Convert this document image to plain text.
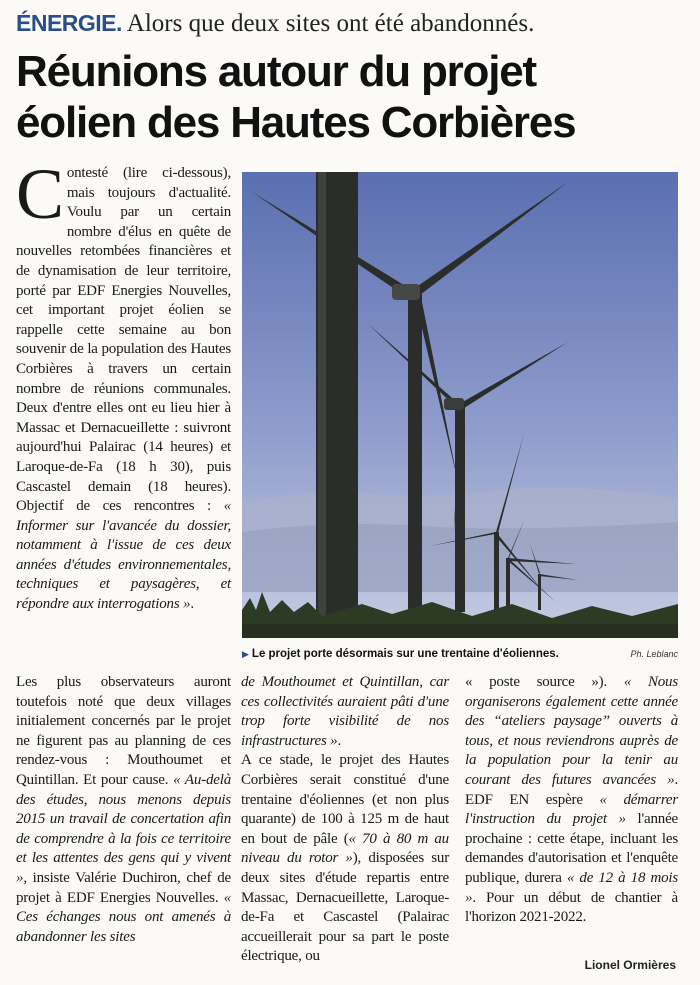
ÉNERGIE. Alors que deux sites ont été abandonnés.
Réunions autour du projet
éolien des Hautes Corbières
C ontesté (lire ci-dessous), mais toujours d'actualité. Voulu par un certain nombre d'élus en quête de nouvelles retombées financières et de dynamisation de leur territoire, porté par EDF Energies Nouvelles, cet important projet éolien se rappelle cette semaine au bon souvenir de la population des Hautes Corbières à travers un certain nombre de réunions communales. Deux d'entre elles ont eu lieu hier à Massac et Dernacueillette : suivront aujourd'hui Palairac (14 heures) et Laroque-de-Fa (18 h 30), puis Cascastel demain (18 heures). Objectif de ces rencontres : « Informer sur l'avancée du dossier, notamment à l'issue de ces deux années d'études environnementales, techniques et paysagères, et répondre aux interrogations ».
▶ Le projet porte désormais sur une trentaine d'éoliennes.	Ph. Leblanc
Les plus observateurs auront toutefois noté que deux villages initialement concernés par le projet ne figurent pas au planning de ces rendez-vous : Mouthoumet et Quintillan. Et pour cause. « Au-delà des études, nous menons depuis 2015 un travail de concertation afin de comprendre à la fois ce territoire et les attentes des gens qui y vivent », insiste Valérie Duchiron, chef de projet à EDF Energies Nouvelles. « Ces échanges nous ont amenés à abandonner les sites

de Mouthoumet et Quintillan, car ces collectivités auraient pâti d'une trop forte visibilité de nos infrastructures ».

A ce stade, le projet des Hautes Corbières serait constitué d'une trentaine d'éoliennes (et non plus quarante) de 100 à 125 m de haut en bout de pâle (« 70 à 80 m au niveau du rotor »), disposées sur deux sites d'étude repartis entre Massac, Dernacueillette, Laroque-de-Fa et Cascastel (Palairac accueillerait pour sa part le poste électrique, ou

« poste source »). « Nous organiserons également cette année des “ateliers paysage” ouverts à tous, et nous reviendrons auprès de la population pour la tenir au courant des futures avancées ». EDF EN espère « démarrer l'instruction du projet » l'année prochaine : cette étape, incluant les demandes d'autorisation et l'enquête publique, durera « de 12 à 18 mois ». Pour un début de chantier à l'horizon 2021-2022.
Lionel Ormières
